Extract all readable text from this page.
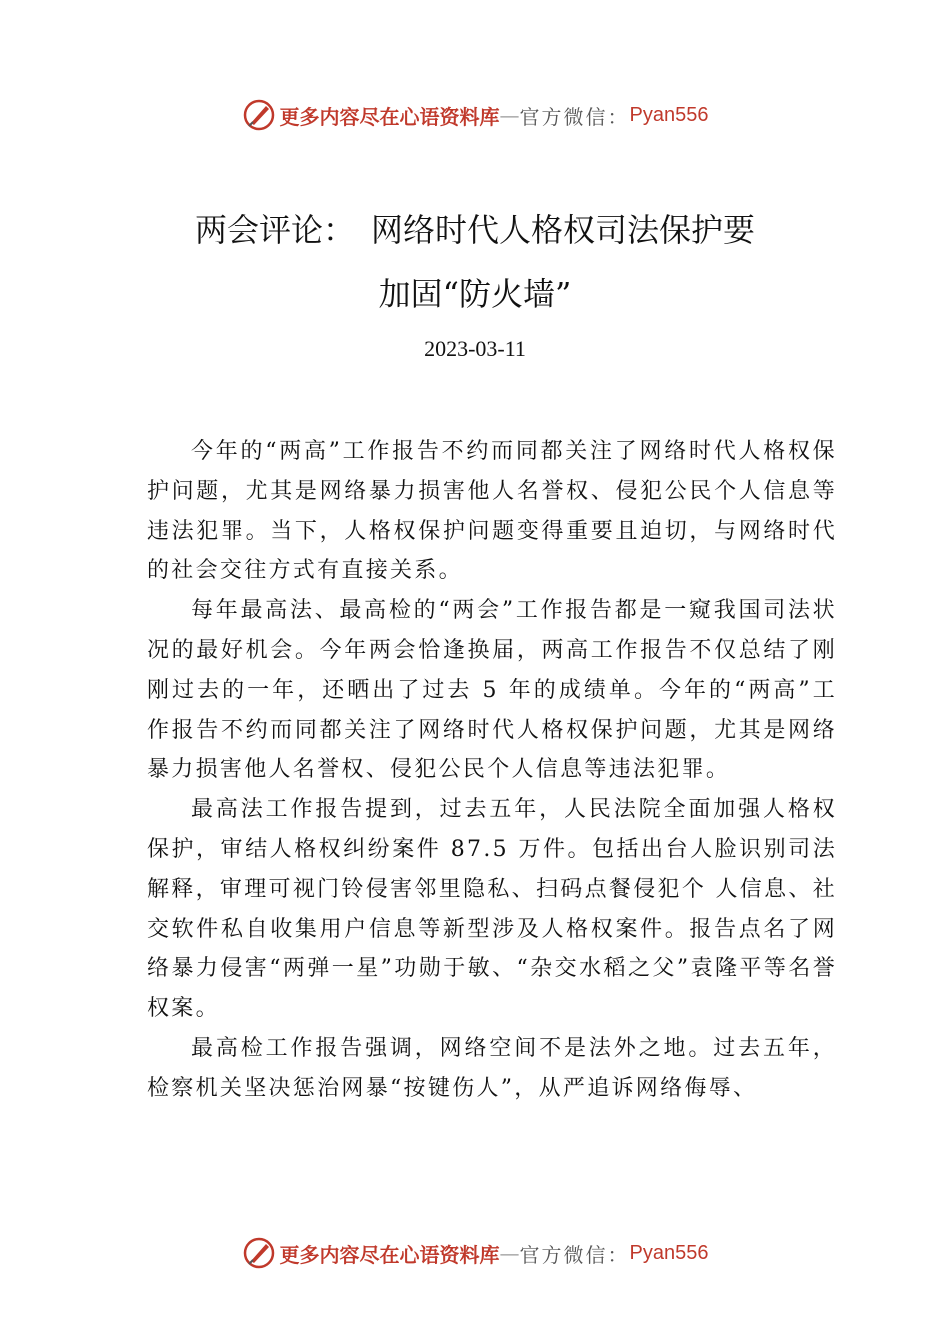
更多内容尽在心语资料库 — 官方微信： Pyan556
两会评论：　网络时代人格权司法保护要
加固“防火墙”
2023-03-11

今年的“两高”工作报告不约而同都关注了网络时代人格权保护问题，尤其是网络暴力损害他人名誉权、侵犯公民个人信息等违法犯罪。当下，人格权保护问题变得重要且迫切，与网络时代的社会交往方式有直接关系。

每年最高法、最高检的“两会”工作报告都是一窥我国司法状况的最好机会。今年两会恰逢换届，两高工作报告不仅总结了刚刚过去的一年，还晒出了过去 5 年的成绩单。今年的“两高”工作报告不约而同都关注了网络时代人格权保护问题，尤其是网络暴力损害他人名誉权、侵犯公民个人信息等违法犯罪。

最高法工作报告提到，过去五年，人民法院全面加强人格权保护，审结人格权纠纷案件 87.5 万件。包括出台人脸识别司法解释，审理可视门铃侵害邻里隐私、扫码点餐侵犯个 人信息、社交软件私自收集用户信息等新型涉及人格权案件。报告点名了网络暴力侵害“两弹一星”功勋于敏、“杂交水稻之父”袁隆平等名誉权案。

最高检工作报告强调，网络空间不是法外之地。过去五年，检察机关坚决惩治网暴“按键伤人”，从严追诉网络侮辱、

更多内容尽在心语资料库 — 官方微信： Pyan556
